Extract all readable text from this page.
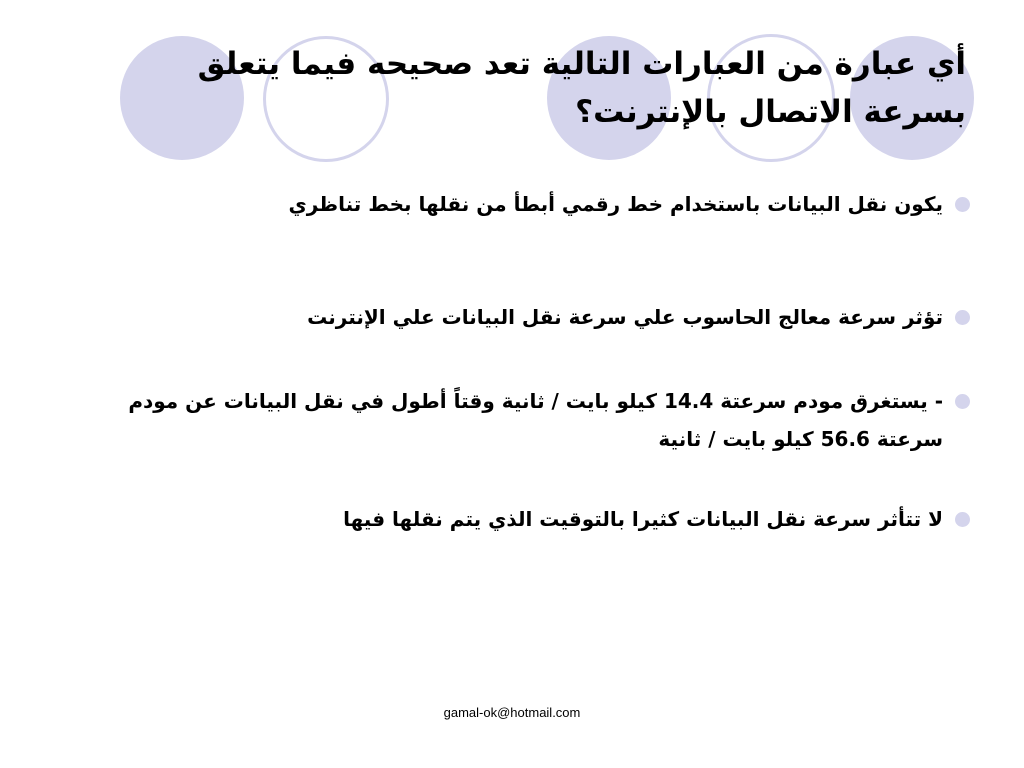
أي عبارة من العبارات التالية تعد صحيحه فيما يتعلق بسرعة الاتصال بالإنترنت؟
يكون نقل البيانات باستخدام خط رقمي أبطأ من نقلها بخط تناظري
تؤثر سرعة معالج الحاسوب علي سرعة نقل البيانات علي الإنترنت
- يستغرق مودم سرعتة 14.4 كيلو بايت / ثانية وقتاً أطول في نقل البيانات عن مودم سرعتة 56.6 كيلو بايت / ثانية
لا تتأثر سرعة نقل البيانات كثيرا بالتوقيت الذي يتم نقلها فيها
gamal-ok@hotmail.com
